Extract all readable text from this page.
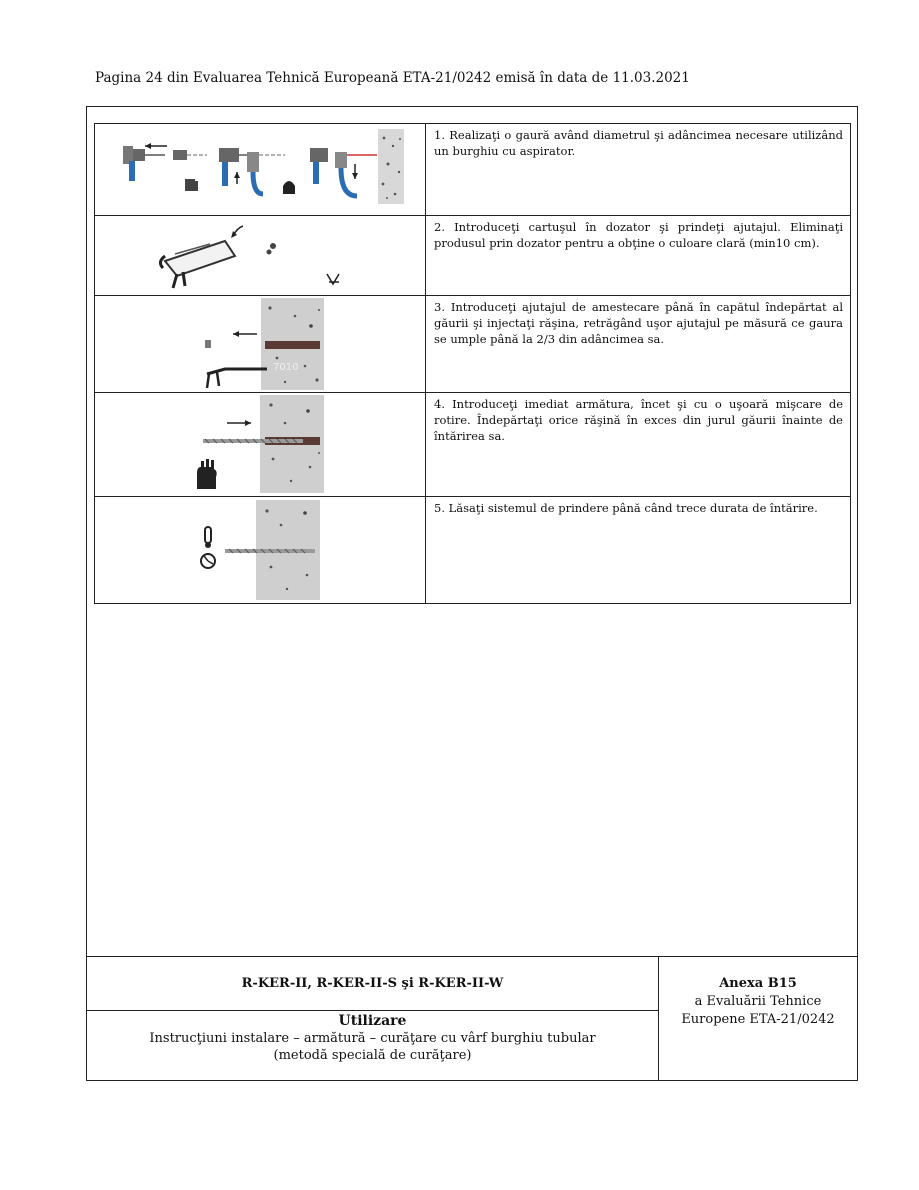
Pagina 24 din Evaluarea Tehnică Europeană ETA-21/0242 emisă în data de 11.03.2021
	1. Realizaţi o gaură având diametrul şi adâncimea necesare utilizând un burghiu cu aspirator.

	2. Introduceţi cartuşul în dozator şi prindeţi ajutajul. Eliminaţi produsul prin dozator pentru a obţine o culoare clară (min10 cm).

7010	3. Introduceţi ajutajul de amestecare până în capătul îndepărtat al găurii şi injectaţi răşina, retrăgând uşor ajutajul pe măsură ce gaura se umple până la 2/3 din adâncimea sa.

	4. Introduceţi imediat armătura, încet şi cu o uşoară mişcare de rotire. Îndepărtaţi orice răşină în exces din jurul găurii înainte de întărirea sa.

	5. Lăsaţi sistemul de prindere până când trece durata de întărire.
R-KER-II, R-KER-II-S şi R-KER-II-W
Utilizare
Instrucţiuni instalare – armătură – curăţare cu vârf burghiu tubular
(metodă specială de curăţare)
Anexa B15
a Evaluării Tehnice
Europene ETA-21/0242
